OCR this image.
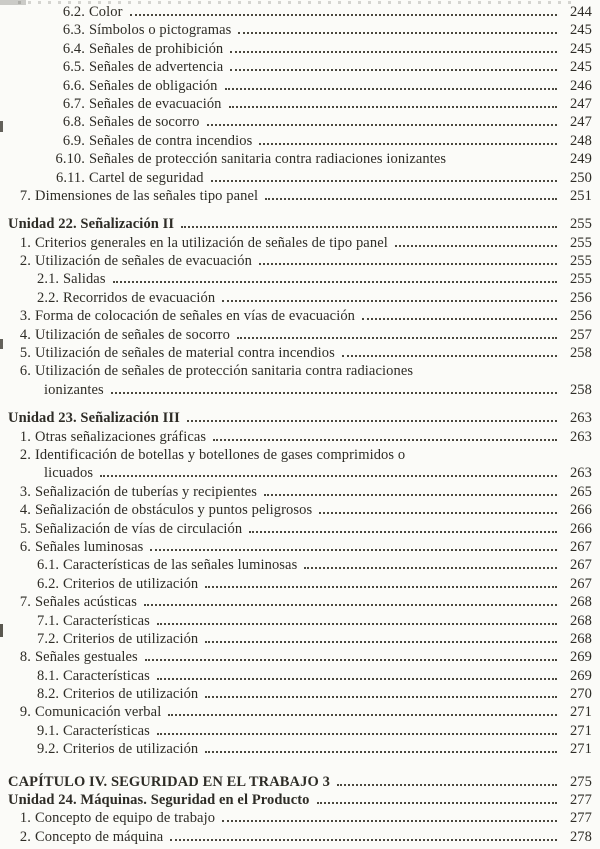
6.2. Color	244
6.3. Símbolos o pictogramas	245
6.4. Señales de prohibición	245
6.5. Señales de advertencia	245
6.6. Señales de obligación	246
6.7. Señales de evacuación	247
6.8. Señales de socorro	247
6.9. Señales de contra incendios	248
6.10. Señales de protección sanitaria contra radiaciones ionizantes	249
6.11. Cartel de seguridad	250
7. Dimensiones de las señales tipo panel	251
Unidad 22. Señalización II	255
1. Criterios generales en la utilización de señales de tipo panel	255
2. Utilización de señales de evacuación	255
2.1. Salidas	255
2.2. Recorridos de evacuación	256
3. Forma de colocación de señales en vías de evacuación	256
4. Utilización de señales de socorro	257
5. Utilización de señales de material contra incendios	258
6. Utilización de señales de protección sanitaria contra radiaciones
ionizantes	258
Unidad 23. Señalización III	263
1. Otras señalizaciones gráficas	263
2. Identificación de botellas y botellones de gases comprimidos o
licuados	263
3. Señalización de tuberías y recipientes	265
4. Señalización de obstáculos y puntos peligrosos	266
5. Señalización de vías de circulación	266
6. Señales luminosas	267
6.1. Características de las señales luminosas	267
6.2. Criterios de utilización	267
7. Señales acústicas	268
7.1. Características	268
7.2. Criterios de utilización	268
8. Señales gestuales	269
8.1. Características	269
8.2. Criterios de utilización	270
9. Comunicación verbal	271
9.1. Características	271
9.2. Criterios de utilización	271
CAPÍTULO IV. SEGURIDAD EN EL TRABAJO 3	275
Unidad 24. Máquinas. Seguridad en el Producto	277
1. Concepto de equipo de trabajo	277
2. Concepto de máquina	278
